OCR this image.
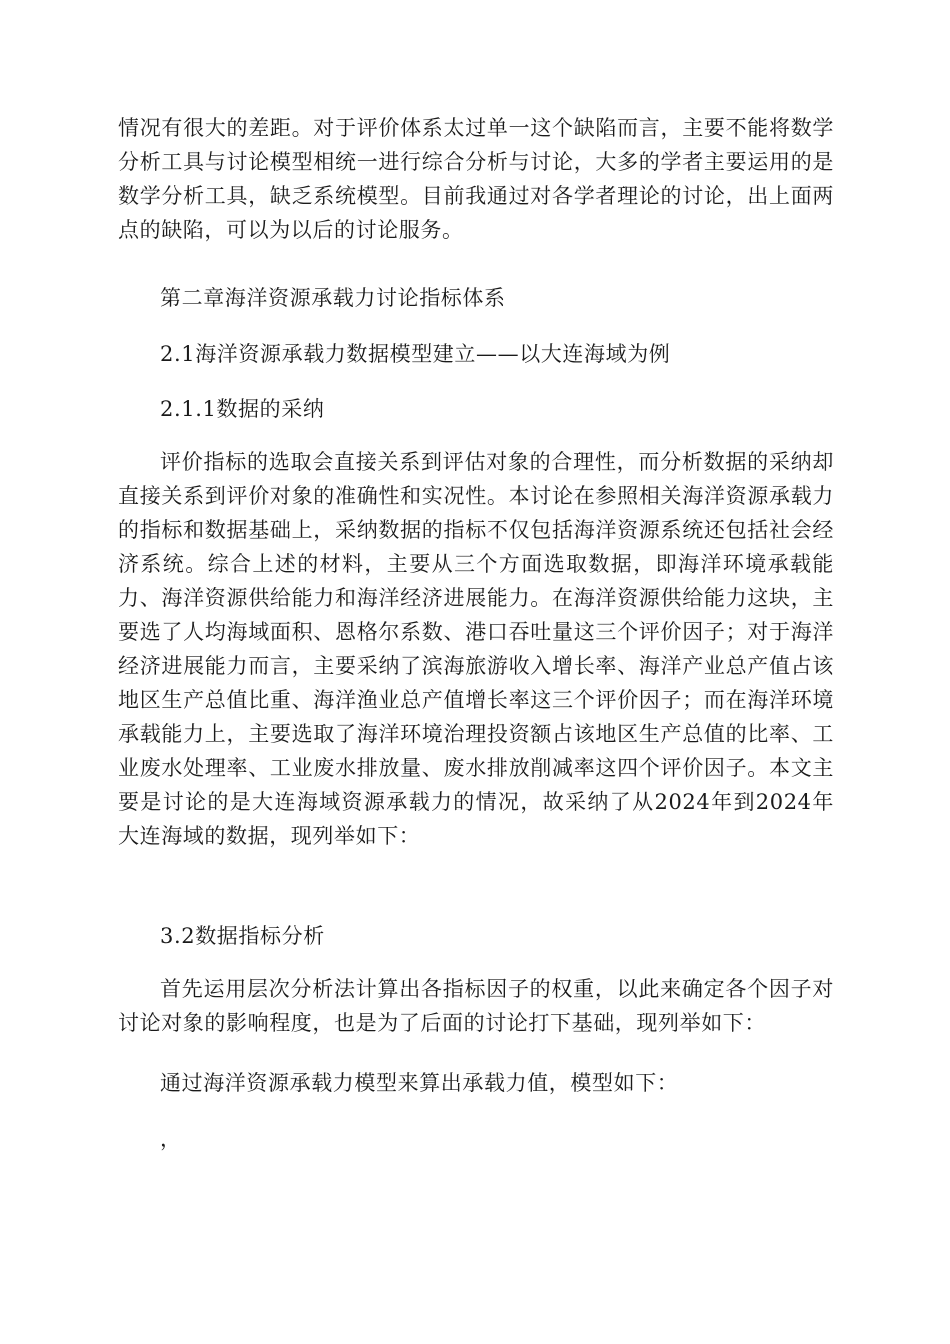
情况有很大的差距。对于评价体系太过单一这个缺陷而言，主要不能将数学分析工具与讨论模型相统一进行综合分析与讨论，大多的学者主要运用的是数学分析工具，缺乏系统模型。目前我通过对各学者理论的讨论，出上面两点的缺陷，可以为以后的讨论服务。

第二章海洋资源承载力讨论指标体系

2.1海洋资源承载力数据模型建立——以大连海域为例

2.1.1数据的采纳

评价指标的选取会直接关系到评估对象的合理性，而分析数据的采纳却直接关系到评价对象的准确性和实况性。本讨论在参照相关海洋资源承载力的指标和数据基础上，采纳数据的指标不仅包括海洋资源系统还包括社会经济系统。综合上述的材料，主要从三个方面选取数据，即海洋环境承载能力、海洋资源供给能力和海洋经济进展能力。在海洋资源供给能力这块，主要选了人均海域面积、恩格尔系数、港口吞吐量这三个评价因子；对于海洋经济进展能力而言，主要采纳了滨海旅游收入增长率、海洋产业总产值占该地区生产总值比重、海洋渔业总产值增长率这三个评价因子；而在海洋环境承载能力上，主要选取了海洋环境治理投资额占该地区生产总值的比率、工业废水处理率、工业废水排放量、废水排放削减率这四个评价因子。本文主要是讨论的是大连海域资源承载力的情况，故采纳了从2024年到2024年大连海域的数据，现列举如下：

3.2数据指标分析

首先运用层次分析法计算出各指标因子的权重，以此来确定各个因子对讨论对象的影响程度，也是为了后面的讨论打下基础，现列举如下：

通过海洋资源承载力模型来算出承载力值，模型如下：

，
